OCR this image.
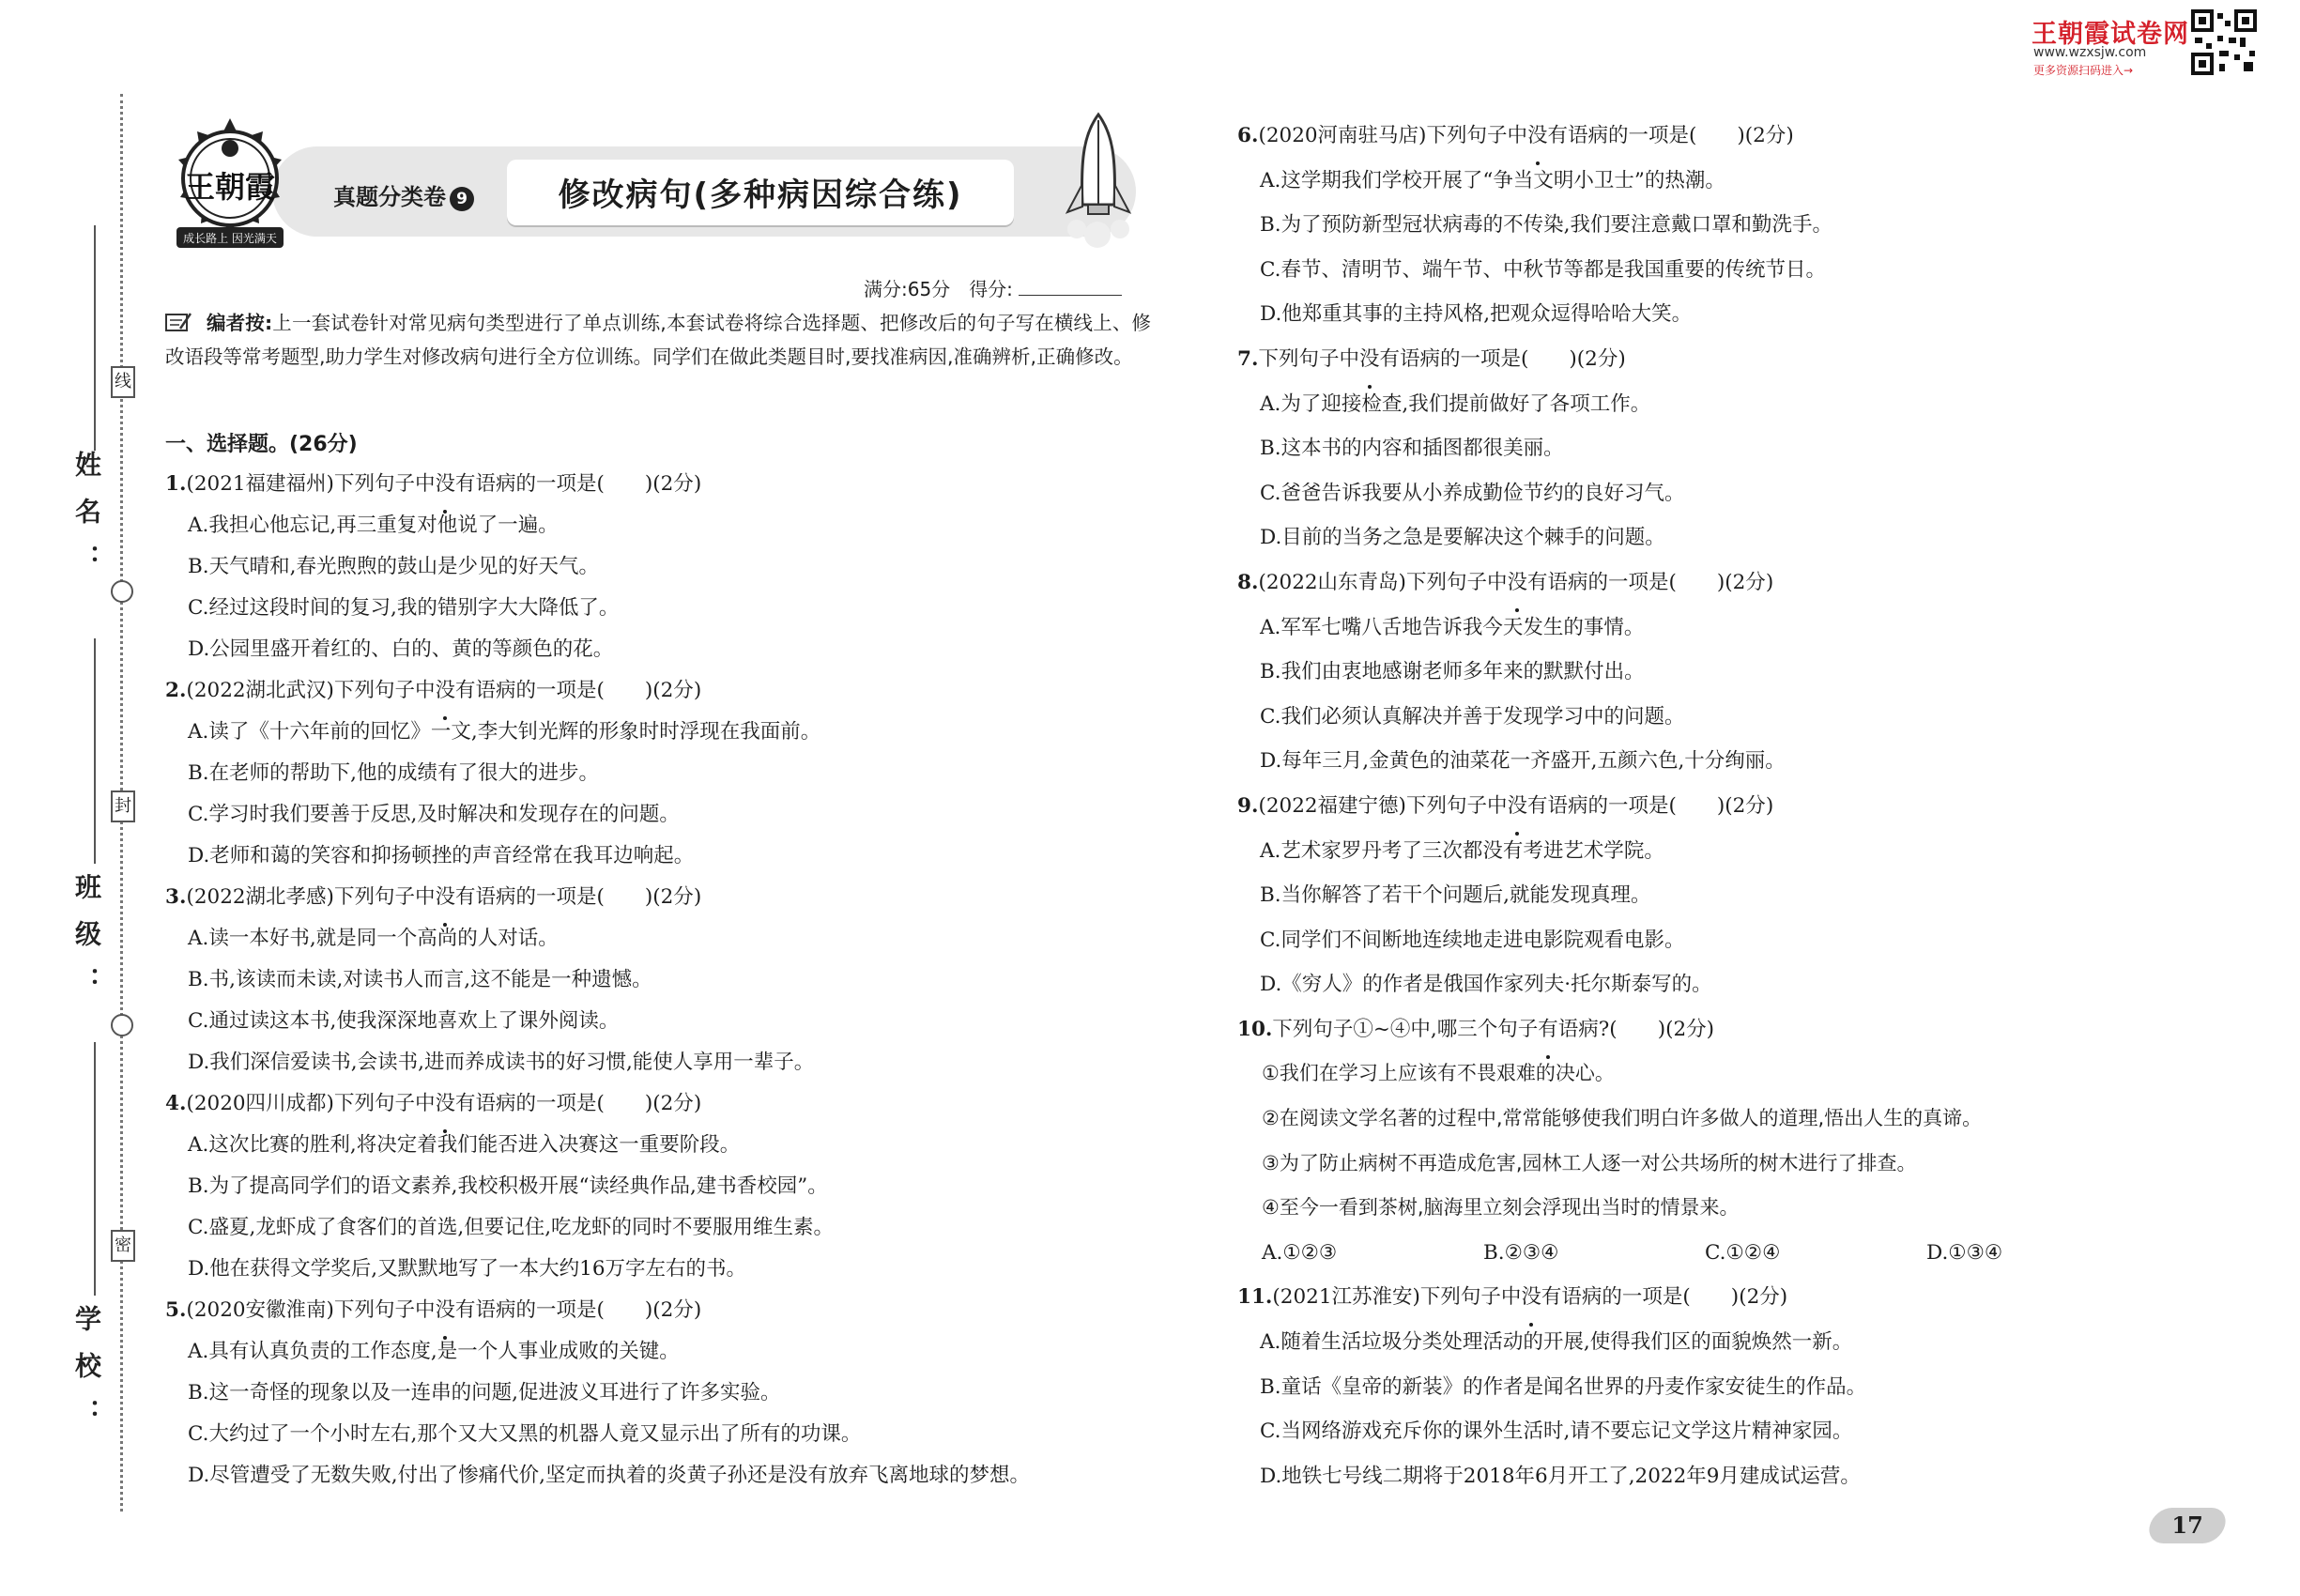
王朝霞试卷网
www.wzxsjw.com
更多资源扫码进入→
姓名：
班级：
学校：
线
封
密
王朝霞
成长路上 因光满天
真题分类卷 9	修改病句(多种病因综合练)
满分:65分　 得分:
编者按:上一套试卷针对常见病句类型进行了单点训练,本套试卷将综合选择题、把修改后的句子写在横线上、修改语段等常考题型,助力学生对修改病句进行全方位训练。同学们在做此类题目时,要找准病因,准确辨析,正确修改。
一、选择题。(26分)
1.(2021福建福州)下列句子中没有语病的一项是(　　)(2分)
A.我担心他忘记,再三重复对他说了一遍。
B.天气晴和,春光煦煦的鼓山是少见的好天气。
C.经过这段时间的复习,我的错别字大大降低了。
D.公园里盛开着红的、白的、黄的等颜色的花。
2.(2022湖北武汉)下列句子中没有语病的一项是(　　)(2分)
A.读了《十六年前的回忆》一文,李大钊光辉的形象时时浮现在我面前。
B.在老师的帮助下,他的成绩有了很大的进步。
C.学习时我们要善于反思,及时解决和发现存在的问题。
D.老师和蔼的笑容和抑扬顿挫的声音经常在我耳边响起。
3.(2022湖北孝感)下列句子中没有语病的一项是(　　)(2分)
A.读一本好书,就是同一个高尚的人对话。
B.书,该读而未读,对读书人而言,这不能是一种遗憾。
C.通过读这本书,使我深深地喜欢上了课外阅读。
D.我们深信爱读书,会读书,进而养成读书的好习惯,能使人享用一辈子。
4.(2020四川成都)下列句子中没有语病的一项是(　　)(2分)
A.这次比赛的胜利,将决定着我们能否进入决赛这一重要阶段。
B.为了提高同学们的语文素养,我校积极开展“读经典作品,建书香校园”。
C.盛夏,龙虾成了食客们的首选,但要记住,吃龙虾的同时不要服用维生素。
D.他在获得文学奖后,又默默地写了一本大约16万字左右的书。
5.(2020安徽淮南)下列句子中没有语病的一项是(　　)(2分)
A.具有认真负责的工作态度,是一个人事业成败的关键。
B.这一奇怪的现象以及一连串的问题,促进波义耳进行了许多实验。
C.大约过了一个小时左右,那个又大又黑的机器人竟又显示出了所有的功课。
D.尽管遭受了无数失败,付出了惨痛代价,坚定而执着的炎黄子孙还是没有放弃飞离地球的梦想。
6.(2020河南驻马店)下列句子中没有语病的一项是(　　)(2分)
A.这学期我们学校开展了“争当文明小卫士”的热潮。
B.为了预防新型冠状病毒的不传染,我们要注意戴口罩和勤洗手。
C.春节、清明节、端午节、中秋节等都是我国重要的传统节日。
D.他郑重其事的主持风格,把观众逗得哈哈大笑。
7.下列句子中没有语病的一项是(　　)(2分)
A.为了迎接检查,我们提前做好了各项工作。
B.这本书的内容和插图都很美丽。
C.爸爸告诉我要从小养成勤俭节约的良好习气。
D.目前的当务之急是要解决这个棘手的问题。
8.(2022山东青岛)下列句子中没有语病的一项是(　　)(2分)
A.军军七嘴八舌地告诉我今天发生的事情。
B.我们由衷地感谢老师多年来的默默付出。
C.我们必须认真解决并善于发现学习中的问题。
D.每年三月,金黄色的油菜花一齐盛开,五颜六色,十分绚丽。
9.(2022福建宁德)下列句子中没有语病的一项是(　　)(2分)
A.艺术家罗丹考了三次都没有考进艺术学院。
B.当你解答了若干个问题后,就能发现真理。
C.同学们不间断地连续地走进电影院观看电影。
D.《穷人》的作者是俄国作家列夫·托尔斯泰写的。
10.下列句子①~④中,哪三个句子有语病?(　　)(2分)
①我们在学习上应该有不畏艰难的决心。
②在阅读文学名著的过程中,常常能够使我们明白许多做人的道理,悟出人生的真谛。
③为了防止病树不再造成危害,园林工人逐一对公共场所的树木进行了排查。
④至今一看到茶树,脑海里立刻会浮现出当时的情景来。
A.①②③	B.②③④	C.①②④	D.①③④
11.(2021江苏淮安)下列句子中没有语病的一项是(　　)(2分)
A.随着生活垃圾分类处理活动的开展,使得我们区的面貌焕然一新。
B.童话《皇帝的新装》的作者是闻名世界的丹麦作家安徒生的作品。
C.当网络游戏充斥你的课外生活时,请不要忘记文学这片精神家园。
D.地铁七号线二期将于2018年6月开工了,2022年9月建成试运营。
17
